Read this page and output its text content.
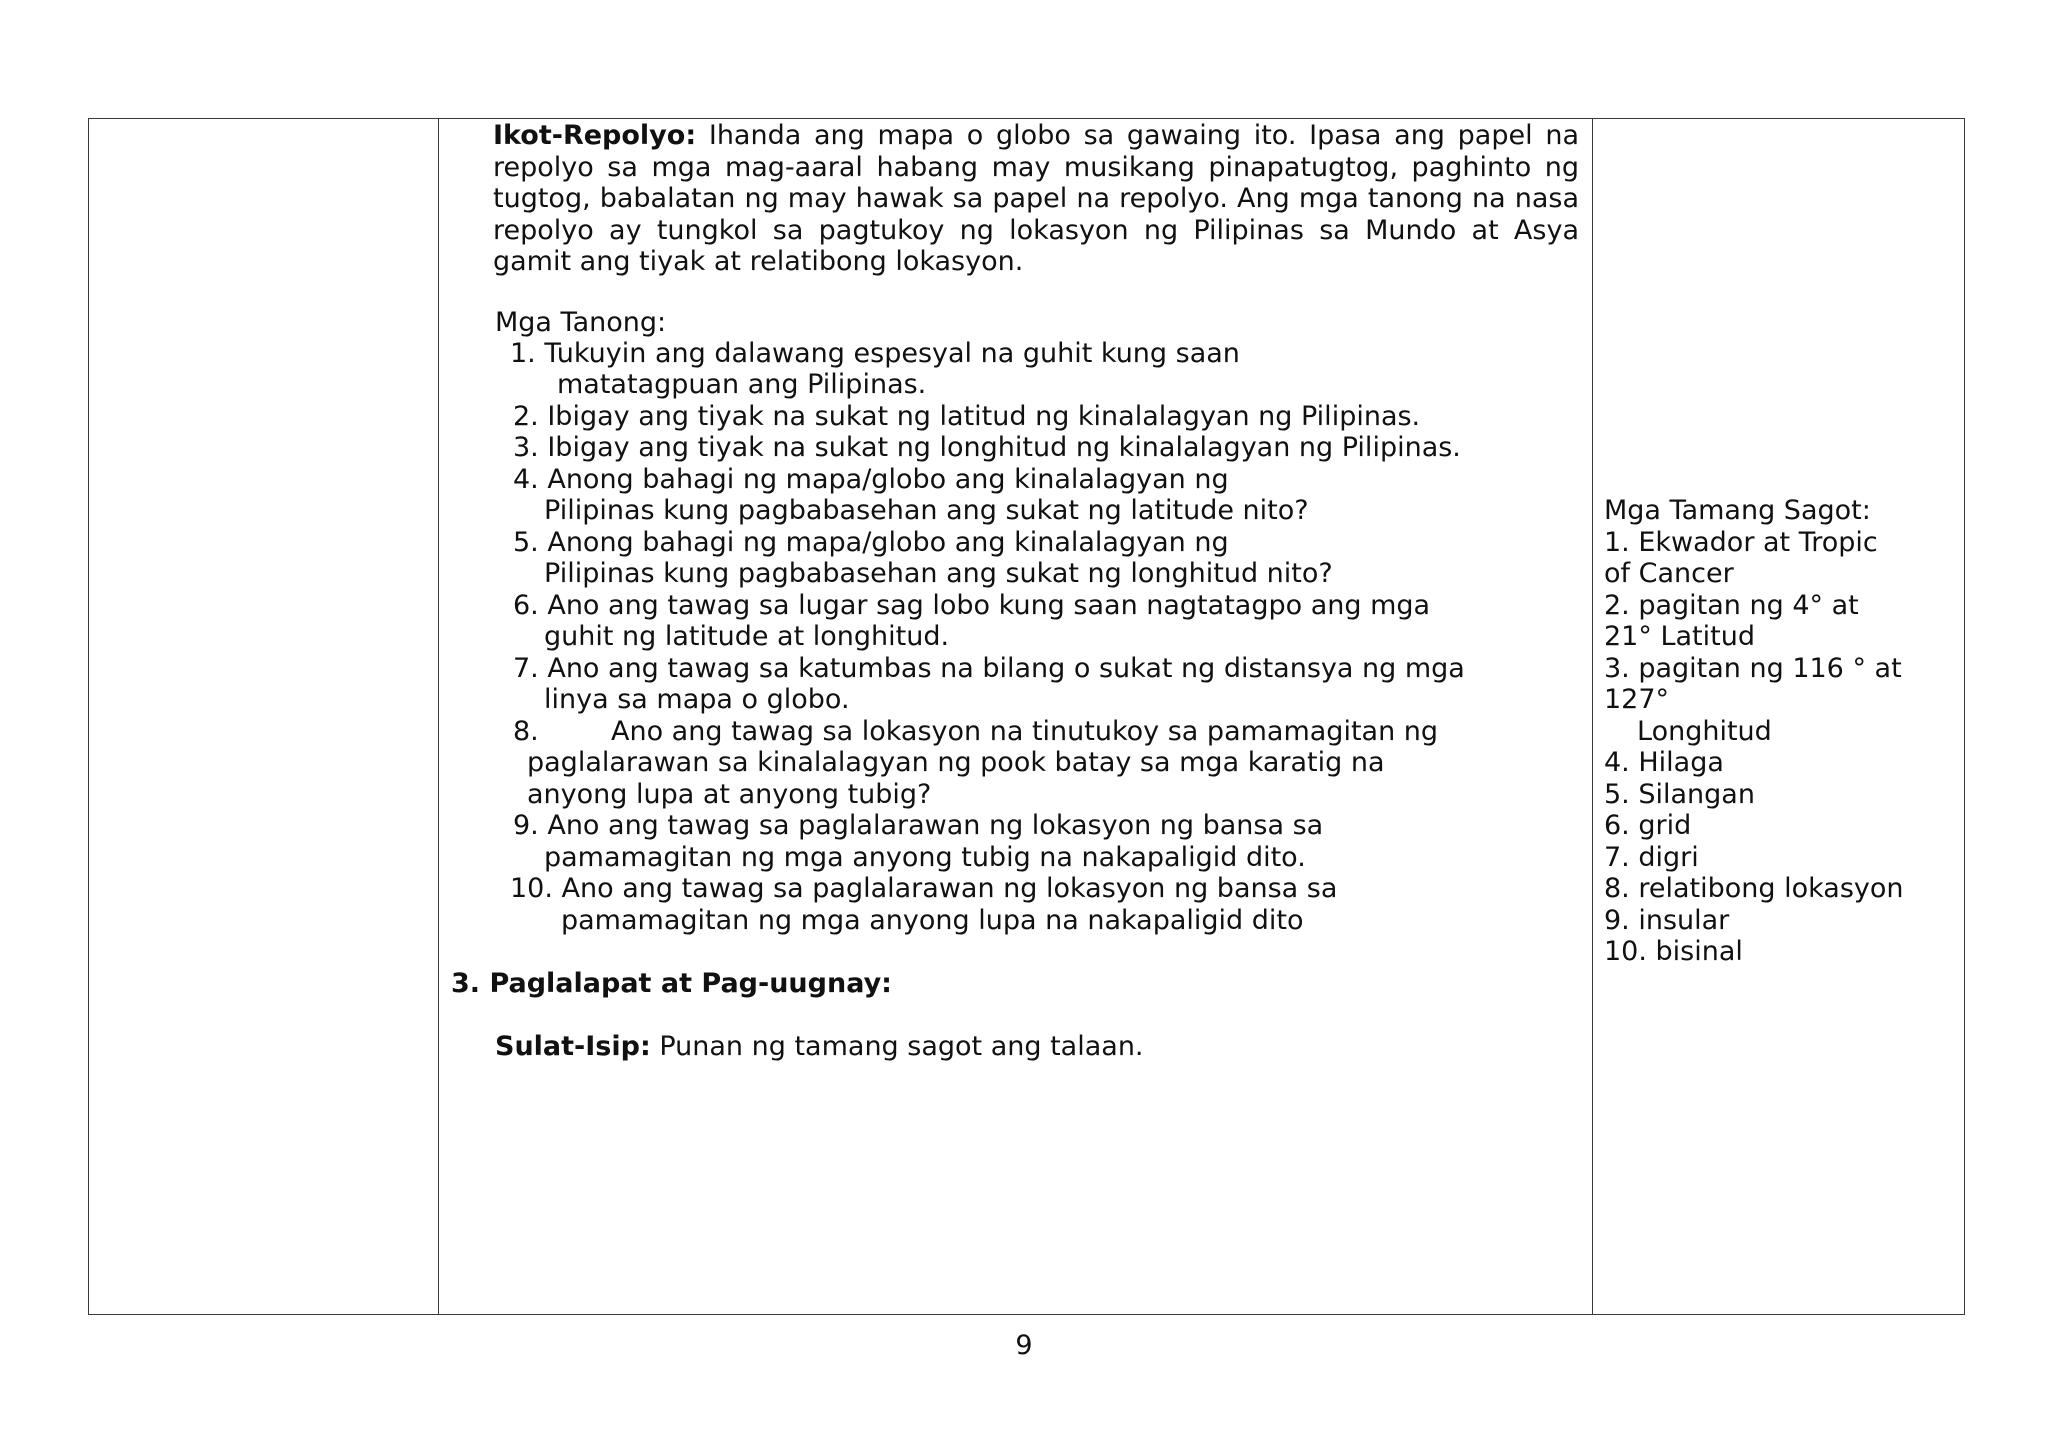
Ikot-Repolyo: Ihanda ang mapa o globo sa gawaing ito. Ipasa ang papel na repolyo sa mga mag-aaral habang may musikang pinapatugtog, paghinto ng tugtog, babalatan ng may hawak sa papel na repolyo. Ang mga tanong na nasa repolyo ay tungkol sa pagtukoy ng lokasyon ng Pilipinas sa Mundo at Asya gamit ang tiyak at relatibong lokasyon.
Mga Tanong:
1. Tukuyin ang dalawang espesyal na guhit kung saan
matatagpuan ang Pilipinas.
2. Ibigay ang tiyak na sukat ng latitud ng kinalalagyan ng Pilipinas.
3. Ibigay ang tiyak na sukat ng longhitud ng kinalalagyan ng Pilipinas.
4. Anong bahagi ng mapa/globo ang kinalalagyan ng
Pilipinas kung pagbabasehan ang sukat ng latitude nito?
5. Anong bahagi ng mapa/globo ang kinalalagyan ng
Pilipinas kung pagbabasehan ang sukat ng longhitud nito?
6. Ano ang tawag sa lugar sag lobo kung saan nagtatagpo ang mga
guhit ng latitude at longhitud.
7. Ano ang tawag sa katumbas na bilang o sukat ng distansya ng mga
linya sa mapa o globo.
8.	Ano ang tawag sa lokasyon na tinutukoy sa pamamagitan ng
paglalarawan sa kinalalagyan ng pook batay sa mga karatig na
anyong lupa at anyong tubig?
9. Ano ang tawag sa paglalarawan ng lokasyon ng bansa sa
pamamagitan ng mga anyong tubig na nakapaligid dito.
10. Ano ang tawag sa paglalarawan ng lokasyon ng bansa sa
pamamagitan ng mga anyong lupa na nakapaligid dito
3. Paglalapat at Pag-uugnay:
Sulat-Isip: Punan ng tamang sagot ang talaan.
Mga Tamang Sagot:
1. Ekwador at Tropic
of Cancer
2. pagitan ng 4° at
21° Latitud
3. pagitan ng 116 ° at
127°
Longhitud
4. Hilaga
5. Silangan
6. grid
7. digri
8. relatibong lokasyon
9. insular
10. bisinal
9
